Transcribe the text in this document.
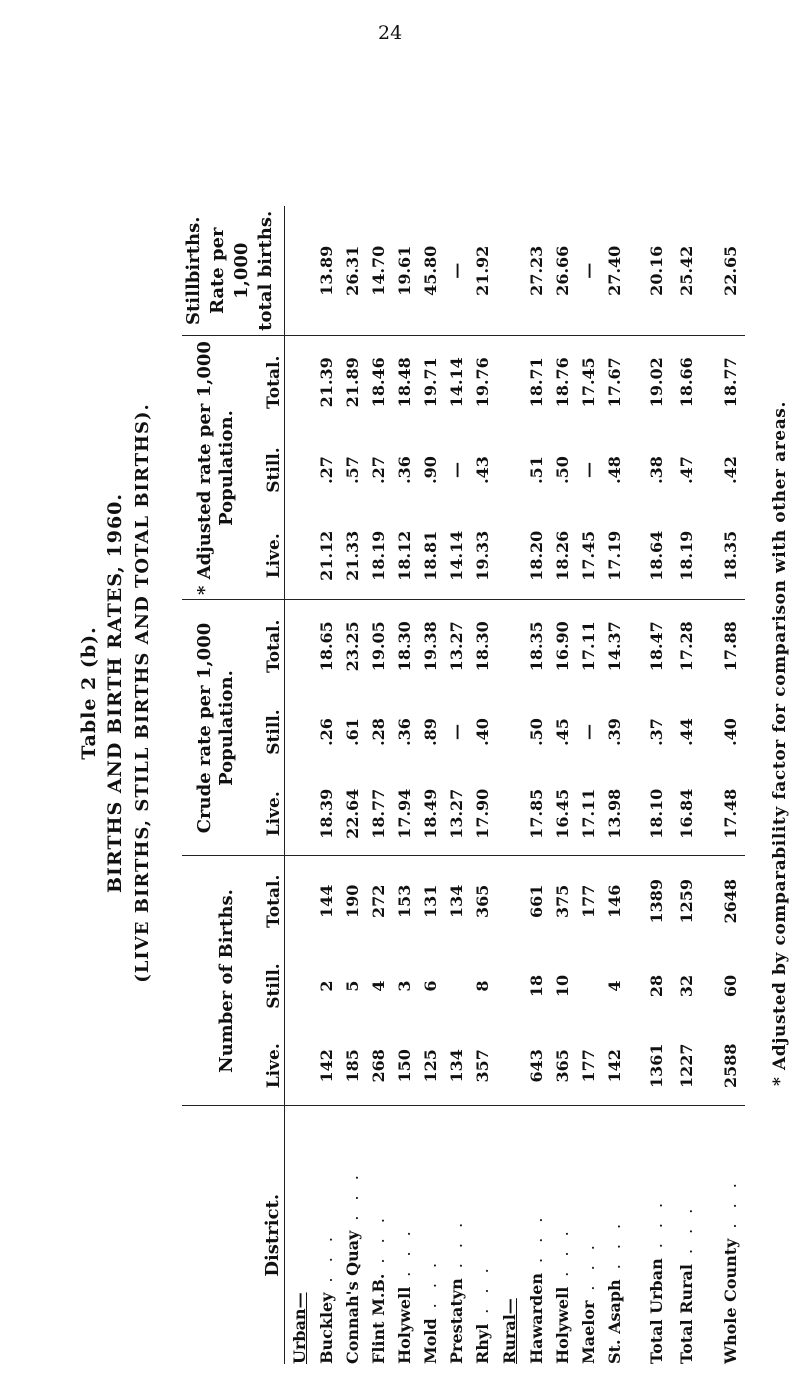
24
Table 2 (b). BIRTHS AND BIRTH RATES, 1960. (LIVE BIRTHS, STILL BIRTHS AND TOTAL BIRTHS).
District.	Number of Births.			Crude rate per 1,000 Population.			* Adjusted rate per 1,000 Population.			Stillbirths. Rate per 1,000 total births.

	Live.	Still.	Total.	Live.	Still.	Total.	Live.	Still.	Total.	
Urban—										
Buckley. . .	142	2	144	18.39	.26	18.65	21.12	.27	21.39	13.89
Connah's Quay. . .	185	5	190	22.64	.61	23.25	21.33	.57	21.89	26.31
Flint M.B.. . .	268	4	272	18.77	.28	19.05	18.19	.27	18.46	14.70
Holywell. . .	150	3	153	17.94	.36	18.30	18.12	.36	18.48	19.61
Mold. . .	125	6	131	18.49	.89	19.38	18.81	.90	19.71	45.80
Prestatyn. . .	134		134	13.27	—	13.27	14.14	—	14.14	—
Rhyl. . .	357	8	365	17.90	.40	18.30	19.33	.43	19.76	21.92
Rural—										
Hawarden. . .	643	18	661	17.85	.50	18.35	18.20	.51	18.71	27.23
Holywell. . .	365	10	375	16.45	.45	16.90	18.26	.50	18.76	26.66
Maelor. . .	177		177	17.11	—	17.11	17.45	—	17.45	—
St. Asaph. . .	142	4	146	13.98	.39	14.37	17.19	.48	17.67	27.40

Total Urban. . .	1361	28	1389	18.10	.37	18.47	18.64	.38	19.02	20.16
Total Rural. . .	1227	32	1259	16.84	.44	17.28	18.19	.47	18.66	25.42

Whole County. . .	2588	60	2648	17.48	.40	17.88	18.35	.42	18.77	22.65
* Adjusted by comparability factor for comparison with other areas.
